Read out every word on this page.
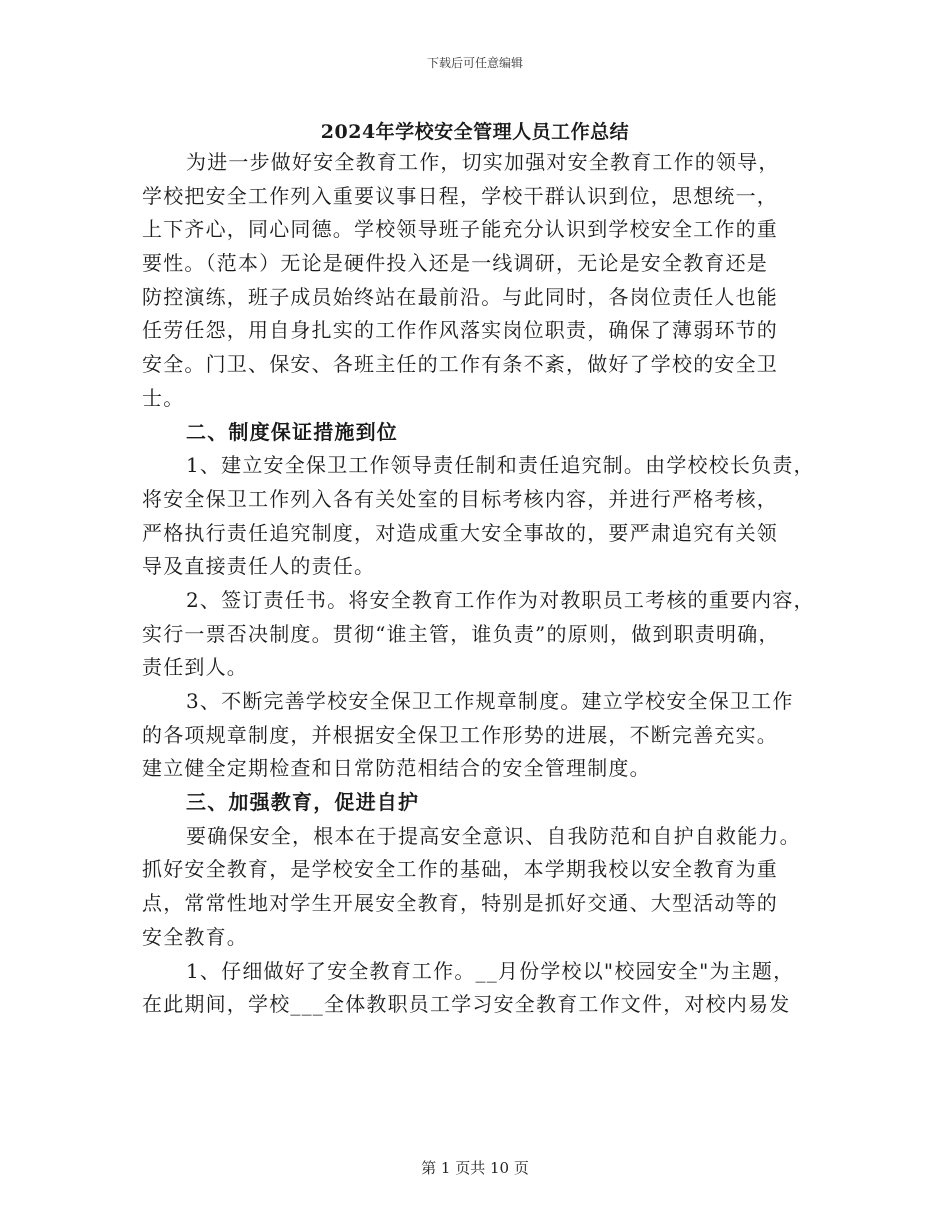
下载后可任意编辑
2024年学校安全管理人员工作总结
为进一步做好安全教育工作，切实加强对安全教育工作的领导，
学校把安全工作列入重要议事日程，学校干群认识到位，思想统一，
上下齐心，同心同德。学校领导班子能充分认识到学校安全工作的重
要性。（范本）无论是硬件投入还是一线调研，无论是安全教育还是
防控演练，班子成员始终站在最前沿。与此同时，各岗位责任人也能
任劳任怨，用自身扎实的工作作风落实岗位职责，确保了薄弱环节的
安全。门卫、保安、各班主任的工作有条不紊，做好了学校的安全卫
士。
二、制度保证措施到位
1、建立安全保卫工作领导责任制和责任追究制。由学校校长负责，
将安全保卫工作列入各有关处室的目标考核内容，并进行严格考核，
严格执行责任追究制度，对造成重大安全事故的，要严肃追究有关领
导及直接责任人的责任。
2、签订责任书。将安全教育工作作为对教职员工考核的重要内容，
实行一票否决制度。贯彻“谁主管，谁负责”的原则，做到职责明确，
责任到人。
3、不断完善学校安全保卫工作规章制度。建立学校安全保卫工作
的各项规章制度，并根据安全保卫工作形势的进展，不断完善充实。
建立健全定期检查和日常防范相结合的安全管理制度。
三、加强教育，促进自护
要确保安全，根本在于提高安全意识、自我防范和自护自救能力。
抓好安全教育，是学校安全工作的基础，本学期我校以安全教育为重
点，常常性地对学生开展安全教育，特别是抓好交通、大型活动等的
安全教育。
1、仔细做好了安全教育工作。__月份学校以"校园安全"为主题，
在此期间，学校___全体教职员工学习安全教育工作文件，对校内易发
第 1 页共 10 页
